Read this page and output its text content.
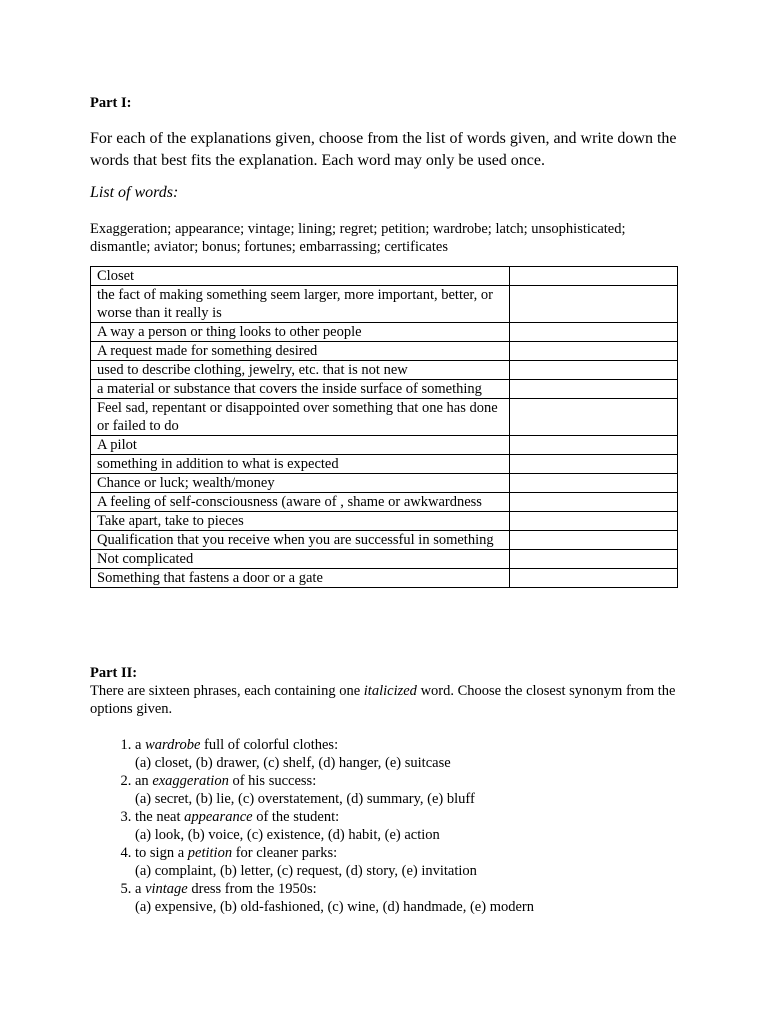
Part I:

For each of the explanations given, choose from the list of words given, and write down the words that best fits the explanation. Each word may only be used once.

List of words:

Exaggeration; appearance; vintage; lining; regret; petition; wardrobe; latch; unsophisticated; dismantle; aviator; bonus; fortunes; embarrassing; certificates

Closet	
the fact of making something seem larger, more important, better, or worse than it really is	
A way a person or thing looks to other people	
A request made for something desired	
used to describe clothing, jewelry, etc. that is not new	
a material or substance that covers the inside surface of something	
Feel sad, repentant or disappointed over something that one has done or failed to do	
A pilot	
something in addition to what is expected	
Chance or luck; wealth/money	
A feeling of self-consciousness (aware of , shame or awkwardness	
Take apart, take to pieces	
Qualification that you receive when you are successful in something	
Not complicated	
Something that fastens a door or a gate	

Part II:

There are sixteen phrases, each containing one italicized word. Choose the closest synonym from the options given.

1. a wardrobe full of colorful clothes:
(a) closet, (b) drawer, (c) shelf, (d) hanger, (e) suitcase
2. an exaggeration of his success:
(a) secret, (b) lie, (c) overstatement, (d) summary, (e) bluff
3. the neat appearance of the student:
(a) look, (b) voice, (c) existence, (d) habit, (e) action
4. to sign a petition for cleaner parks:
(a) complaint, (b) letter, (c) request, (d) story, (e) invitation
5. a vintage dress from the 1950s:
(a) expensive, (b) old-fashioned, (c) wine, (d) handmade, (e) modern
